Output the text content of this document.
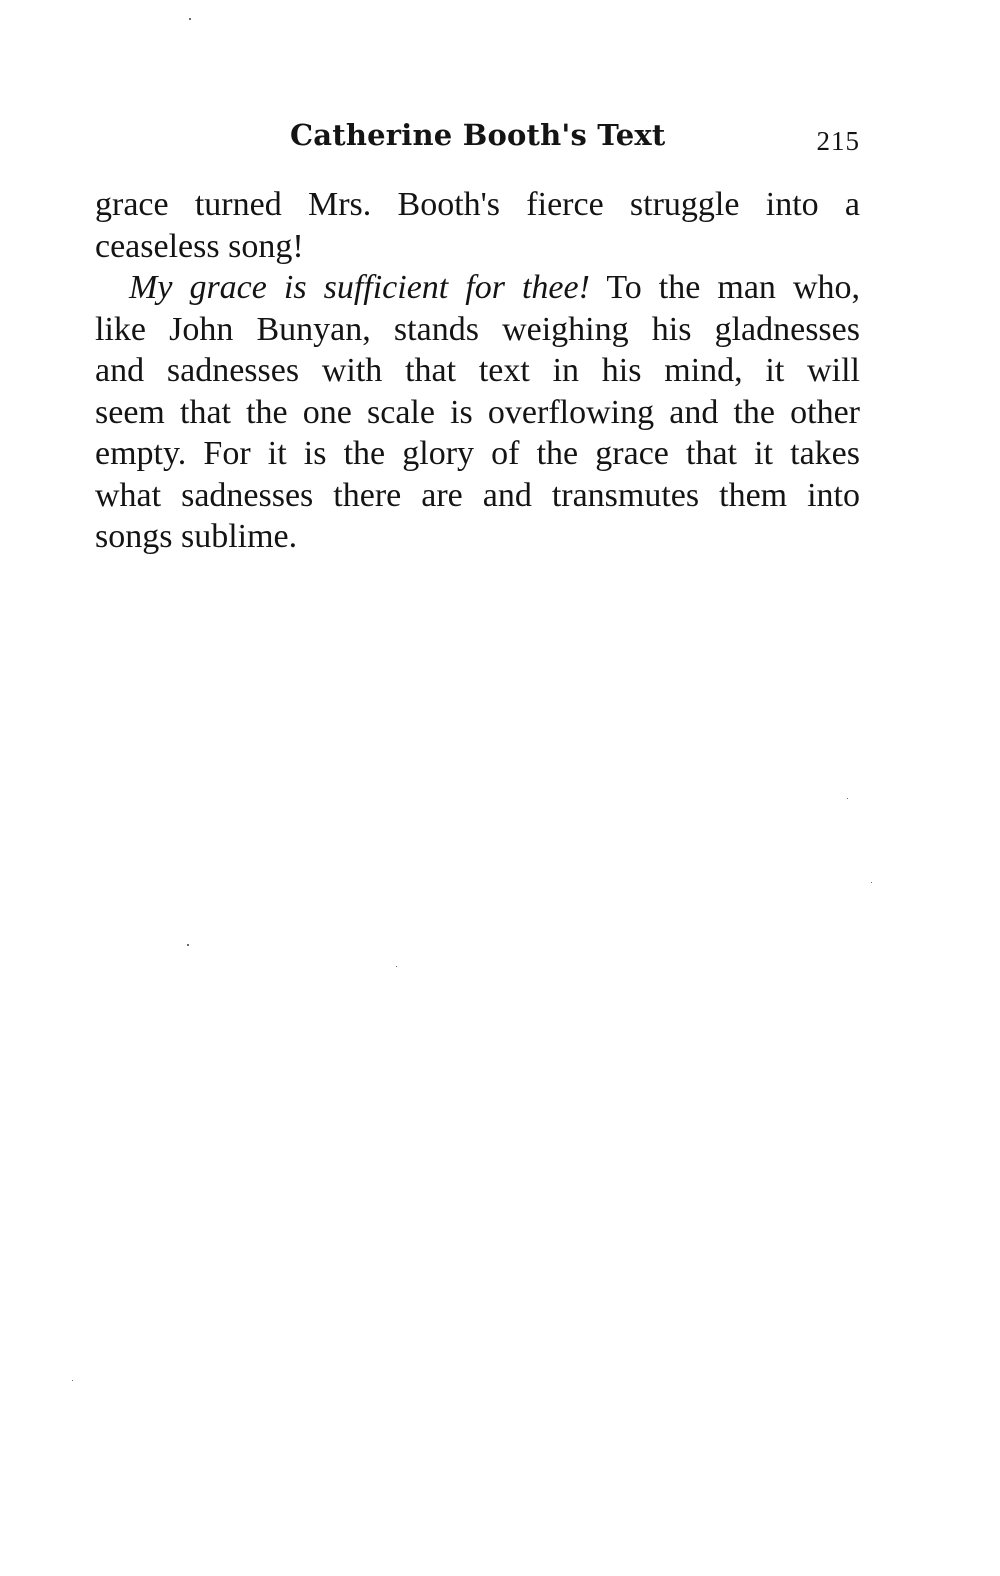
Catherine Booth's Text	215
grace turned Mrs. Booth's fierce struggle into a
ceaseless song!
My grace is sufficient for thee! To the man who,
like John Bunyan, stands weighing his gladnesses
and sadnesses with that text in his mind, it will
seem that the one scale is overflowing and the other
empty. For it is the glory of the grace that it takes
what sadnesses there are and transmutes them into
songs sublime.
